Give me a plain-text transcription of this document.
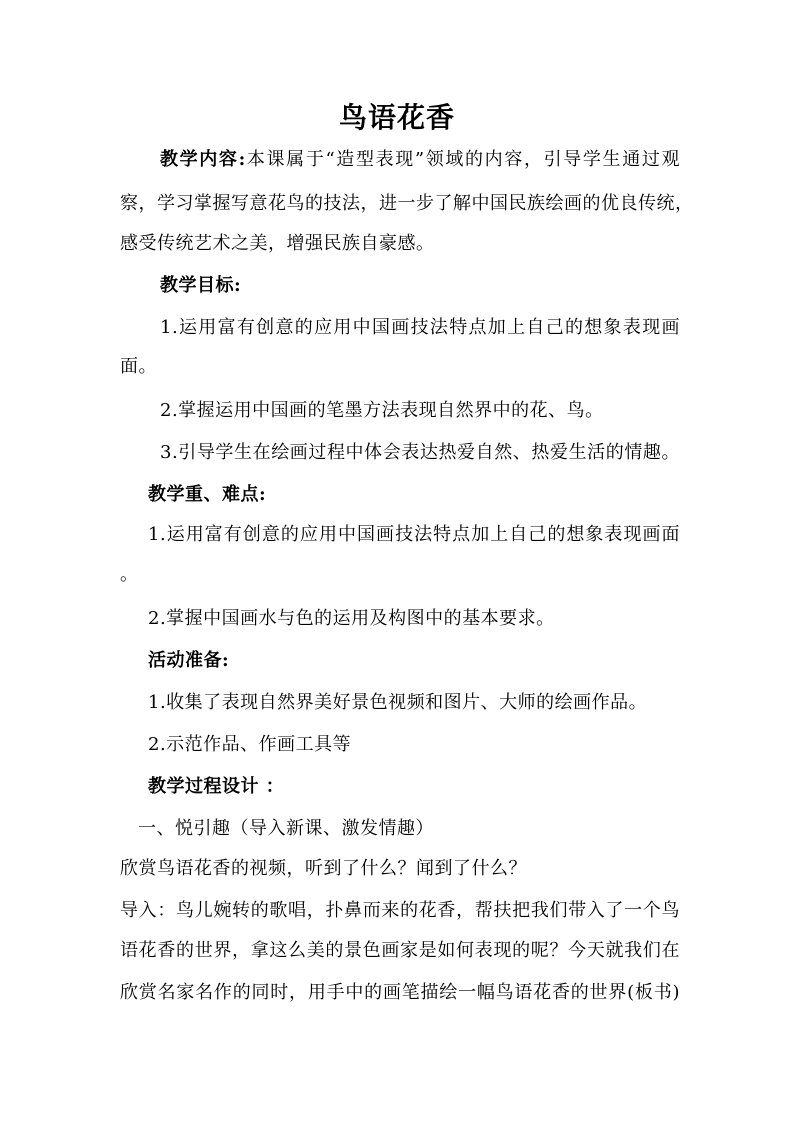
鸟语花香
教学内容:本课属于“造型表现”领域的内容，引导学生通过观
察，学习掌握写意花鸟的技法，进一步了解中国民族绘画的优良传统，
感受传统艺术之美，增强民族自豪感。
教学目标:
1.运用富有创意的应用中国画技法特点加上自己的想象表现画
面。
2.掌握运用中国画的笔墨方法表现自然界中的花、鸟。
3.引导学生在绘画过程中体会表达热爱自然、热爱生活的情趣。
教学重、难点:
1.运用富有创意的应用中国画技法特点加上自己的想象表现画面
。
2.掌握中国画水与色的运用及构图中的基本要求。
活动准备:
1.收集了表现自然界美好景色视频和图片、大师的绘画作品。
2.示范作品、作画工具等
教学过程设计 ：
一、悦引趣（导入新课、激发情趣）
欣赏鸟语花香的视频，听到了什么？闻到了什么？
导入：鸟儿婉转的歌唱，扑鼻而来的花香，帮扶把我们带入了一个鸟
语花香的世界，拿这么美的景色画家是如何表现的呢？今天就我们在
欣赏名家名作的同时，用手中的画笔描绘一幅鸟语花香的世界(板书)
